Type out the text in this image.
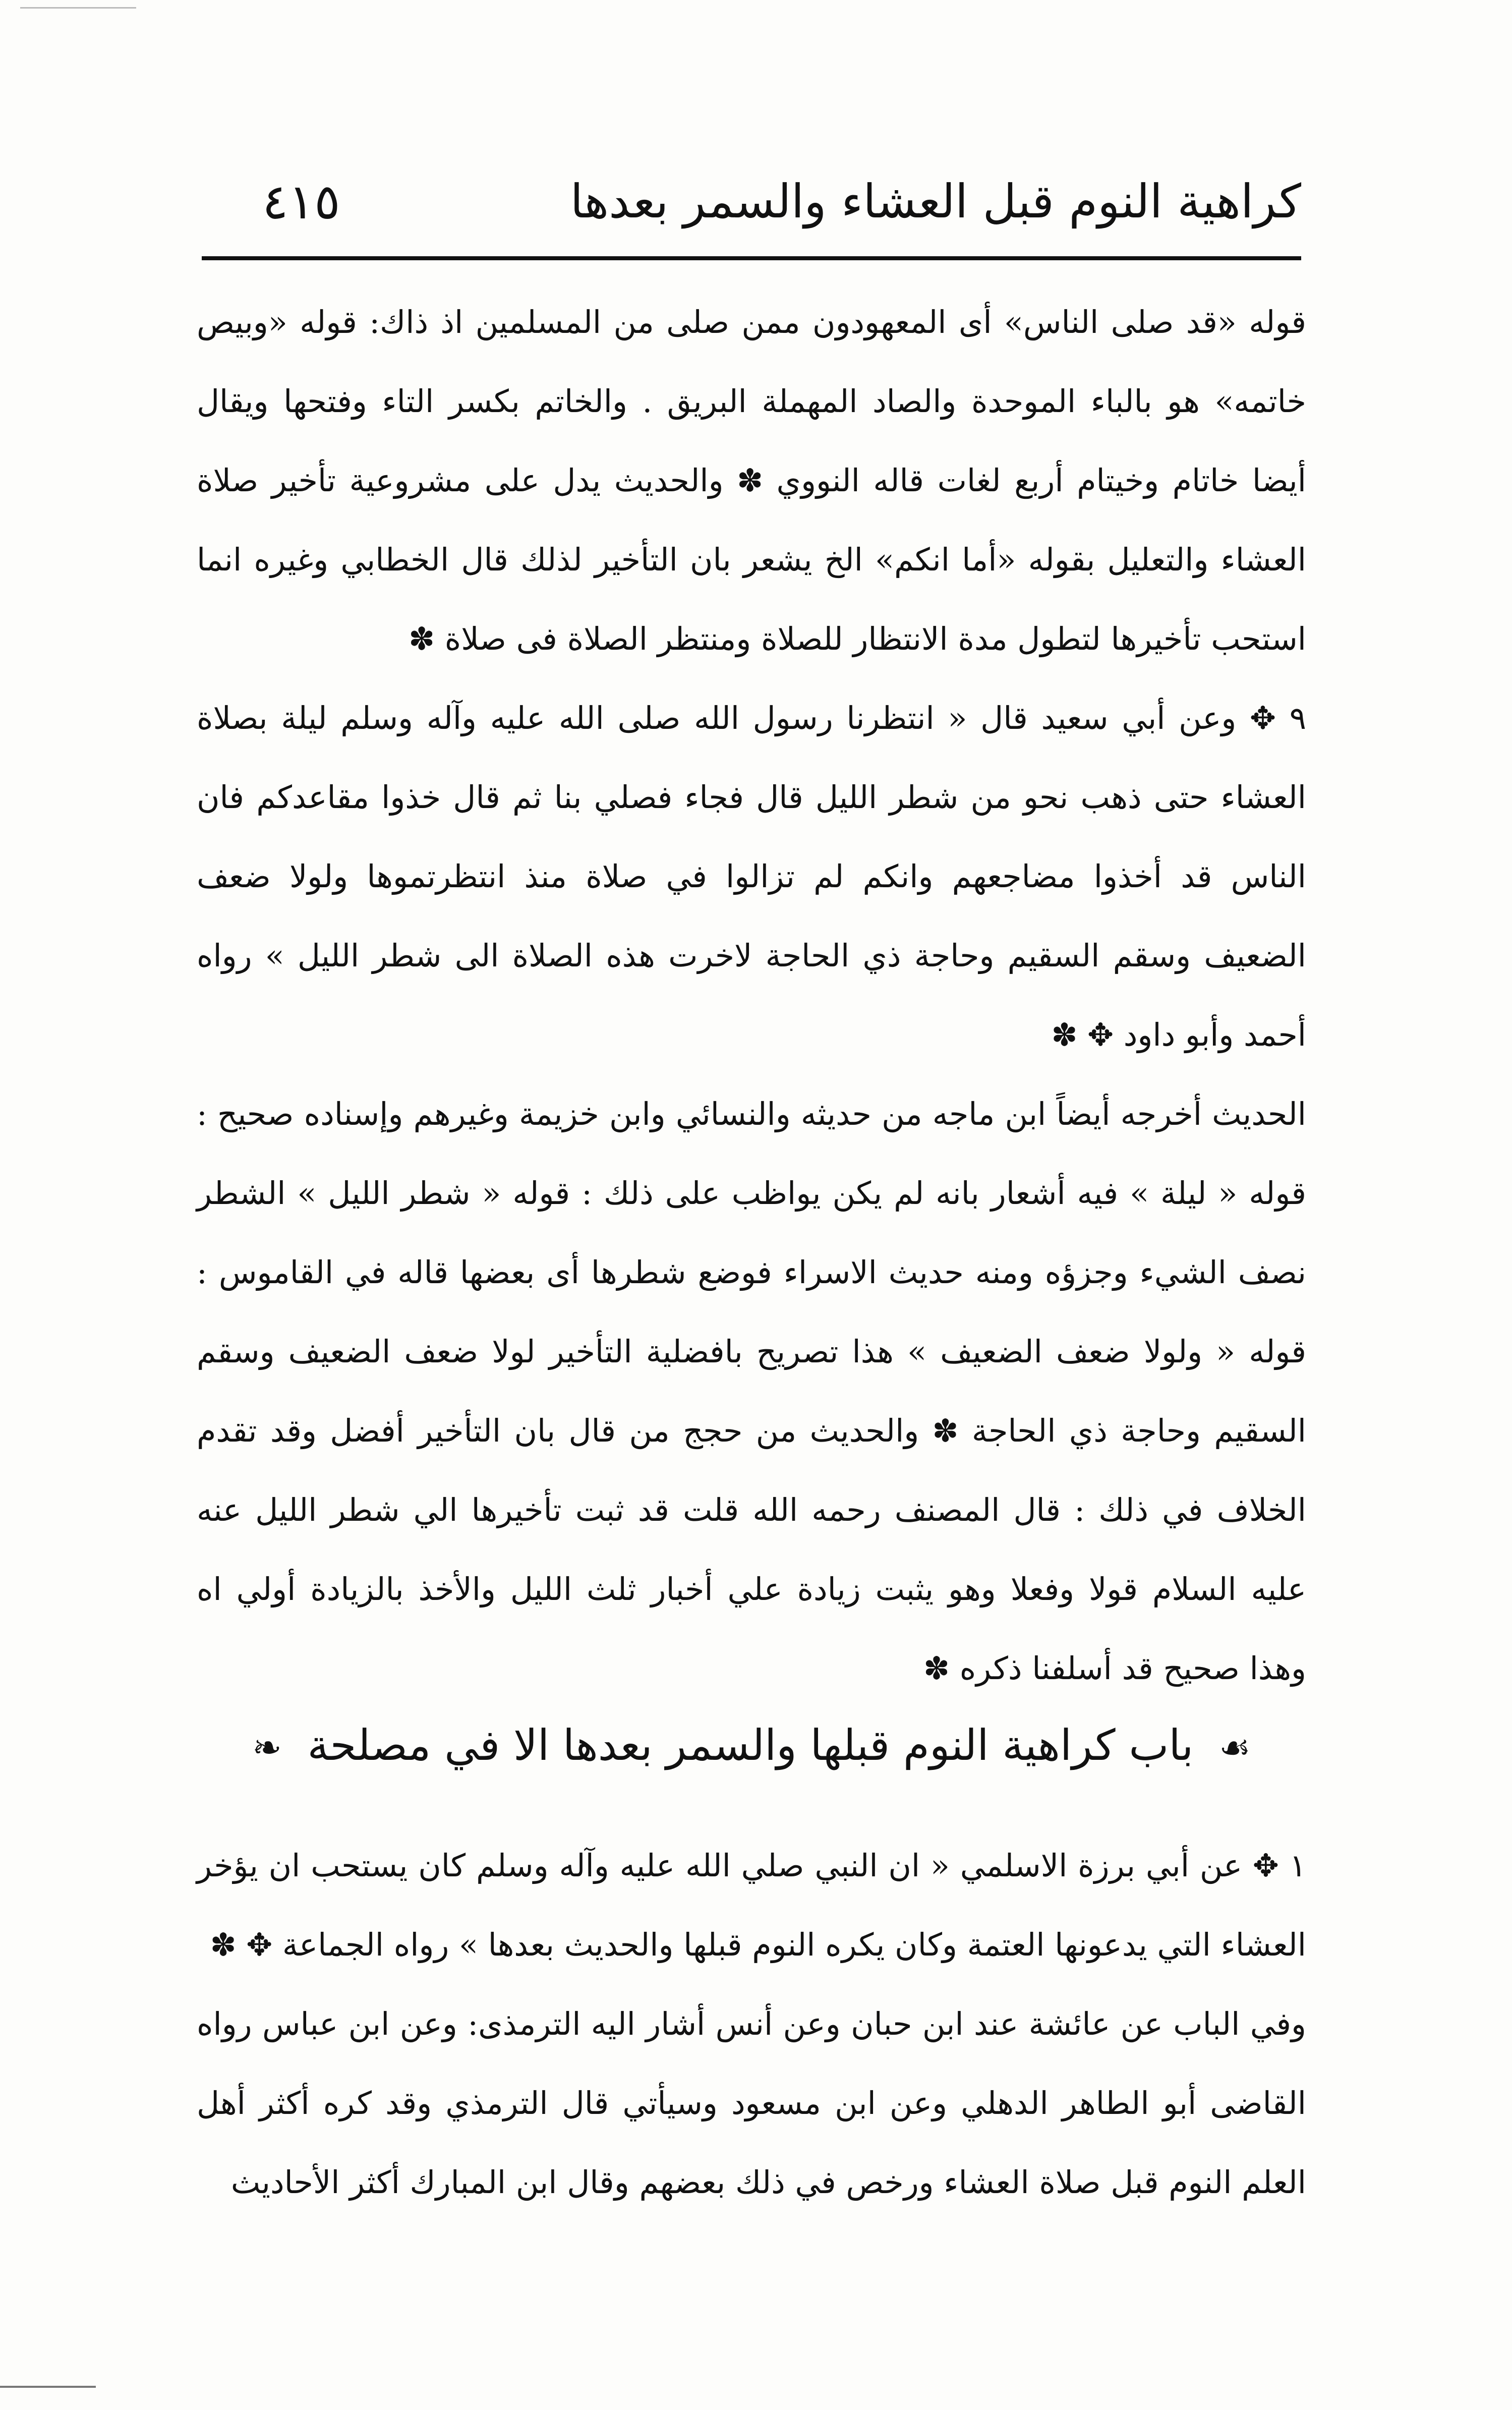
كراهية النوم قبل العشاء والسمر بعدها
٤١٥

قوله «قد صلى الناس» أى المعهودون ممن صلى من المسلمين اذ ذاك: قوله «وبيص خاتمه» هو بالباء الموحدة والصاد المهملة البريق . والخاتم بكسر التاء وفتحها ويقال أيضا خاتام وخيتام أربع لغات قاله النووي ✽ والحديث يدل على مشروعية تأخير صلاة العشاء والتعليل بقوله «أما انكم» الخ يشعر بان التأخير لذلك قال الخطابي وغيره انما استحب تأخيرها لتطول مدة الانتظار للصلاة ومنتظر الصلاة فى صلاة ✽

٩ ✥ وعن أبي سعيد قال « انتظرنا رسول الله صلى الله عليه وآله وسلم ليلة بصلاة العشاء حتى ذهب نحو من شطر الليل قال فجاء فصلي بنا ثم قال خذوا مقاعدكم فان الناس قد أخذوا مضاجعهم وانكم لم تزالوا في صلاة منذ انتظرتموها ولولا ضعف الضعيف وسقم السقيم وحاجة ذي الحاجة لاخرت هذه الصلاة الى شطر الليل » رواه أحمد وأبو داود ✥ ✽

الحديث أخرجه أيضاً ابن ماجه من حديثه والنسائي وابن خزيمة وغيرهم وإسناده صحيح : قوله « ليلة » فيه أشعار بانه لم يكن يواظب على ذلك : قوله « شطر الليل » الشطر نصف الشيء وجزؤه ومنه حديث الاسراء فوضع شطرها أى بعضها قاله في القاموس : قوله « ولولا ضعف الضعيف » هذا تصريح بافضلية التأخير لولا ضعف الضعيف وسقم السقيم وحاجة ذي الحاجة ✽ والحديث من حجج من قال بان التأخير أفضل وقد تقدم الخلاف في ذلك : قال المصنف رحمه الله قلت قد ثبت تأخيرها الي شطر الليل عنه عليه السلام قولا وفعلا وهو يثبت زيادة علي أخبار ثلث الليل والأخذ بالزيادة أولي اه وهذا صحيح قد أسلفنا ذكره ✽

☙ باب كراهية النوم قبلها والسمر بعدها الا في مصلحة ❧

١ ✥ عن أبي برزة الاسلمي « ان النبي صلي الله عليه وآله وسلم كان يستحب ان يؤخر العشاء التي يدعونها العتمة وكان يكره النوم قبلها والحديث بعدها » رواه الجماعة ✥ ✽

وفي الباب عن عائشة عند ابن حبان وعن أنس أشار اليه الترمذى: وعن ابن عباس رواه القاضى أبو الطاهر الدهلي وعن ابن مسعود وسيأتي قال الترمذي وقد كره أكثر أهل العلم النوم قبل صلاة العشاء ورخص في ذلك بعضهم وقال ابن المبارك أكثر الأحاديث
